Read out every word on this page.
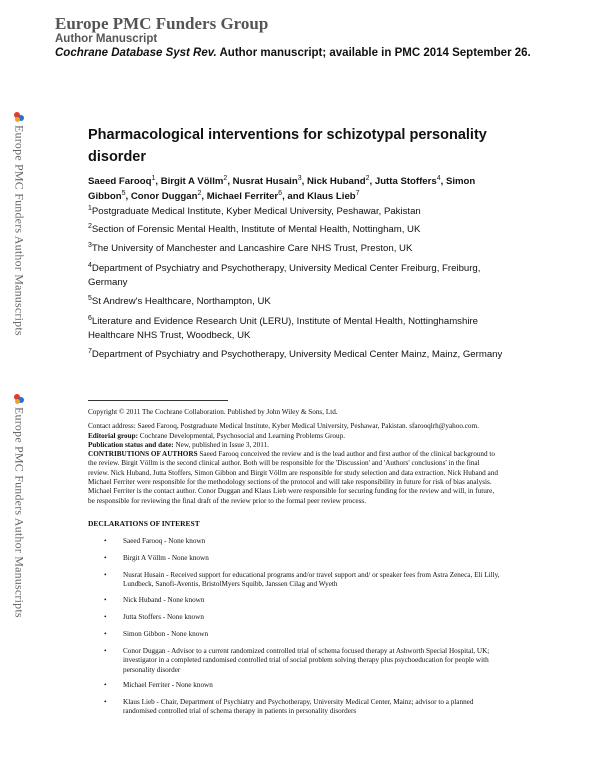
Europe PMC Funders Group
Author Manuscript
Cochrane Database Syst Rev. Author manuscript; available in PMC 2014 September 26.
Europe PMC Funders Author Manuscripts
Europe PMC Funders Author Manuscripts
Pharmacological interventions for schizotypal personality disorder
Saeed Farooq$^1$, Birgit A Völlm$^2$, Nusrat Husain$^3$, Nick Huband$^2$, Jutta Stoffers$^4$, Simon Gibbon$^5$, Conor Duggan$^2$, Michael Ferriter$^6$, and Klaus Lieb$^7$
$^1$Postgraduate Medical Institute, Kyber Medical University, Peshawar, Pakistan
$^2$Section of Forensic Mental Health, Institute of Mental Health, Nottingham, UK
$^3$The University of Manchester and Lancashire Care NHS Trust, Preston, UK
$^4$Department of Psychiatry and Psychotherapy, University Medical Center Freiburg, Freiburg, Germany
$^5$St Andrew's Healthcare, Northampton, UK
$^6$Literature and Evidence Research Unit (LERU), Institute of Mental Health, Nottinghamshire Healthcare NHS Trust, Woodbeck, UK
$^7$Department of Psychiatry and Psychotherapy, University Medical Center Mainz, Mainz, Germany

Copyright © 2011 The Cochrane Collaboration. Published by John Wiley & Sons, Ltd.

Contact address: Saeed Farooq, Postgraduate Medical Institute, Kyber Medical University, Peshawar, Pakistan. sfarooqlrh@yahoo.com.

Editorial group: Cochrane Developmental, Psychosocial and Learning Problems Group.

Publication status and date: New, published in Issue 3, 2011.

CONTRIBUTIONS OF AUTHORS Saeed Farooq conceived the review and is the lead author and first author of the clinical background to the review. Birgit Völlm is the second clinical author. Both will be responsible for the 'Discussion' and 'Authors' conclusions' in the final review. Nick Huband, Jutta Stoffers, Simon Gibbon and Birgit Völlm are responsible for study selection and data extraction. Nick Huband and Michael Ferriter were responsible for the methodology sections of the protocol and will take responsibility in future for risk of bias analysis. Michael Ferriter is the contact author. Conor Duggan and Klaus Lieb were responsible for securing funding for the review and will, in future, be responsible for reviewing the final draft of the review prior to the formal peer review process.

DECLARATIONS OF INTEREST
•	Saeed Farooq - None known
•	Birgit A Völlm - None known
•	Nusrat Husain - Received support for educational programs and/or travel support and/ or speaker fees from Astra Zeneca, Eli Lilly, Lundbeck, Sanofi-Aventis, BristolMyers Squibb, Janssen Cilag and Wyeth
•	Nick Huband - None known
•	Jutta Stoffers - None known
•	Simon Gibbon - None known
•	Conor Duggan - Advisor to a current randomized controlled trial of schema focused therapy at Ashworth Special Hospital, UK; investigator in a completed randomised controlled trial of social problem solving therapy plus psychoeducation for people with personality disorder
•	Michael Ferriter - None known
•	Klaus Lieb - Chair, Department of Psychiatry and Psychotherapy, University Medical Center, Mainz; advisor to a planned randomised controlled trial of schema therapy in patients in personality disorders
